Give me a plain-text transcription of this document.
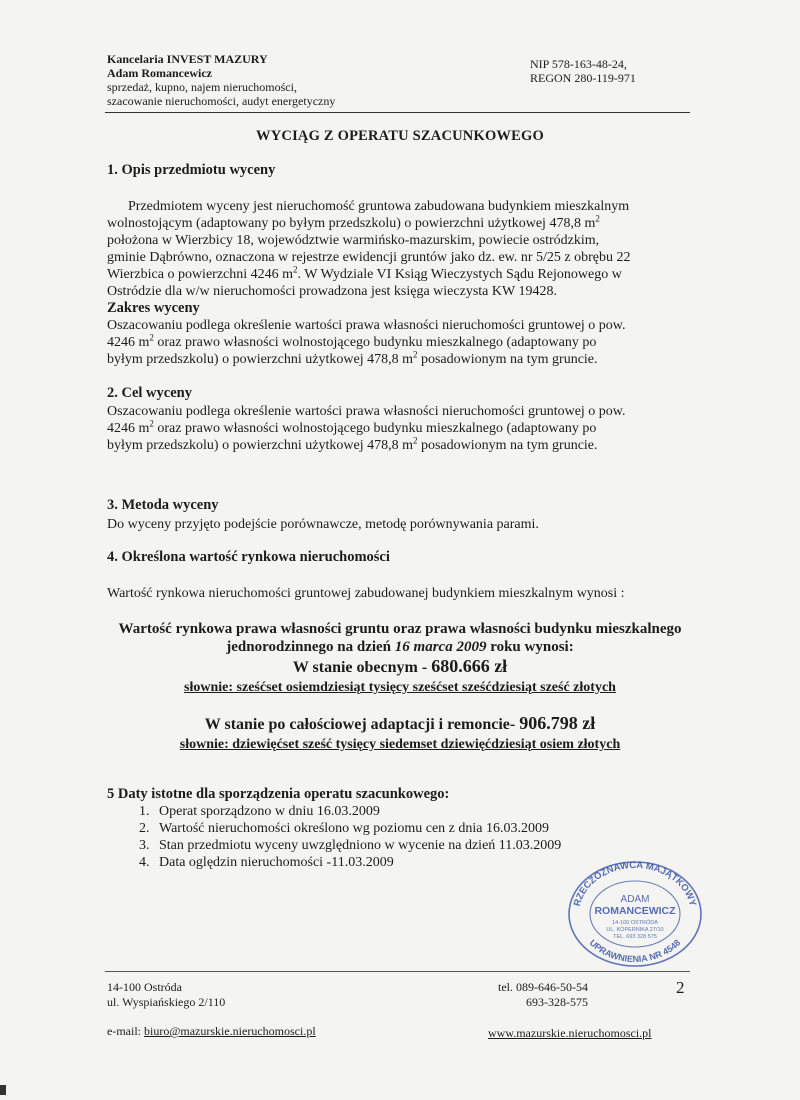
Kancelaria INVEST MAZURY
Adam Romancewicz
sprzedaż, kupno, najem nieruchomości,
szacowanie nieruchomości, audyt energetyczny
NIP 578-163-48-24,
REGON 280-119-971
WYCIĄG Z OPERATU SZACUNKOWEGO
1. Opis przedmiotu wyceny
Przedmiotem wyceny jest nieruchomość gruntowa zabudowana budynkiem mieszkalnym
wolnostojącym (adaptowany po byłym przedszkolu) o powierzchni użytkowej 478,8 $m^2$
położona w Wierzbicy 18, województwie warmińsko-mazurskim, powiecie ostródzkim,
gminie Dąbrówno, oznaczona w rejestrze ewidencji gruntów jako dz. ew. nr 5/25 z obrębu 22
Wierzbica o powierzchni 4246 $m^2$. W Wydziale VI Ksiąg Wieczystych Sądu Rejonowego w
Ostródzie dla w/w nieruchomości prowadzona jest księga wieczysta KW 19428.
Zakres wyceny
Oszacowaniu podlega określenie wartości prawa własności nieruchomości gruntowej o pow.
4246 $m^2$ oraz prawo własności wolnostojącego budynku mieszkalnego (adaptowany po
byłym przedszkolu) o powierzchni użytkowej 478,8 $m^2$ posadowionym na tym gruncie.
2. Cel wyceny
Oszacowaniu podlega określenie wartości prawa własności nieruchomości gruntowej o pow.
4246 $m^2$ oraz prawo własności wolnostojącego budynku mieszkalnego (adaptowany po
byłym przedszkolu) o powierzchni użytkowej 478,8 $m^2$ posadowionym na tym gruncie.
3. Metoda wyceny
Do wyceny przyjęto podejście porównawcze, metodę porównywania parami.
4. Określona wartość rynkowa nieruchomości
Wartość rynkowa nieruchomości gruntowej zabudowanej budynkiem mieszkalnym wynosi :
Wartość rynkowa prawa własności gruntu oraz prawa własności budynku mieszkalnego
jednorodzinnego na dzień 16 marca 2009 roku wynosi:
W stanie obecnym - 680.666 zł
słownie: sześćset osiemdziesiąt tysięcy sześćset sześćdziesiąt sześć złotych
W stanie po całościowej adaptacji i remoncie- 906.798 zł
słownie: dziewięćset sześć tysięcy siedemset dziewięćdziesiąt osiem złotych
5 Daty istotne dla sporządzenia operatu szacunkowego:
1. Operat sporządzono w dniu 16.03.2009
2. Wartość nieruchomości określono wg poziomu cen z dnia 16.03.2009
3. Stan przedmiotu wyceny uwzględniono w wycenie na dzień 11.03.2009
4. Data oględzin nieruchomości -11.03.2009
RZECZOZNAWCA MAJĄTKOWY
UPRAWNIENIA NR 4548
ADAM
ROMANCEWICZ
14-100 OSTRÓDA
UL. KOPERNIKA 27/10
TEL. 693 328 575
14-100 Ostróda
ul. Wyspiańskiego 2/110
tel. 089-646-50-54
693-328-575
2
e-mail: biuro@mazurskie.nieruchomosci.pl	www.mazurskie.nieruchomosci.pl
